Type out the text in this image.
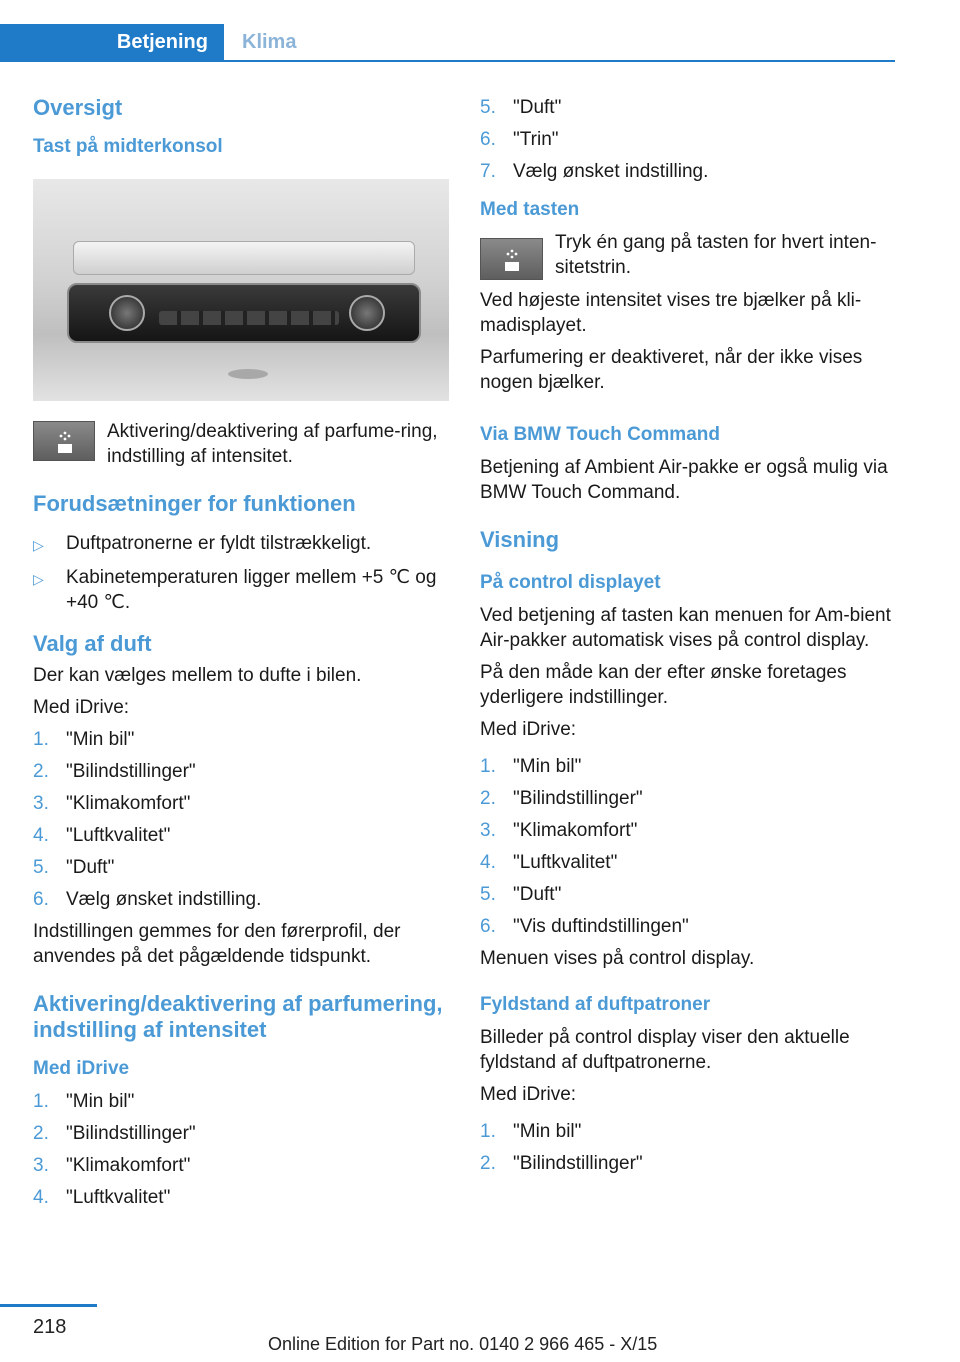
Betjening	Klima
Oversigt
Tast på midterkonsol
Aktivering/deaktivering af parfume-ring, indstilling af intensitet.
Forudsætninger for funktionen
▷	Duftpatronerne er fyldt tilstrækkeligt.
▷	Kabinetemperaturen ligger mellem +5 ℃ og +40 ℃.
Valg af duft

Der kan vælges mellem to dufte i bilen.

Med iDrive:

1. "Min bil"
2. "Bilindstillinger"
3. "Klimakomfort"
4. "Luftkvalitet"
5. "Duft"
6. Vælg ønsket indstilling.

Indstillingen gemmes for den førerprofil, der anvendes på det pågældende tidspunkt.

Aktivering/deaktivering af parfumering, indstilling af intensitet
Med iDrive
1. "Min bil"
2. "Bilindstillinger"
3. "Klimakomfort"
4. "Luftkvalitet"
5. "Duft"
6. "Trin"
7. Vælg ønsket indstilling.
Med tasten
Tryk én gang på tasten for hvert inten-sitetstrin.

Ved højeste intensitet vises tre bjælker på kli-madisplayet.

Parfumering er deaktiveret, når der ikke vises nogen bjælker.

Via BMW Touch Command

Betjening af Ambient Air-pakke er også mulig via BMW Touch Command.

Visning
På control displayet

Ved betjening af tasten kan menuen for Am-bient Air-pakker automatisk vises på control display.

På den måde kan der efter ønske foretages yderligere indstillinger.

Med iDrive:

1. "Min bil"
2. "Bilindstillinger"
3. "Klimakomfort"
4. "Luftkvalitet"
5. "Duft"
6. "Vis duftindstillingen"

Menuen vises på control display.

Fyldstand af duftpatroner

Billeder på control display viser den aktuelle fyldstand af duftpatronerne.

Med iDrive:

1. "Min bil"
2. "Bilindstillinger"
218
Online Edition for Part no. 0140 2 966 465 - X/15
